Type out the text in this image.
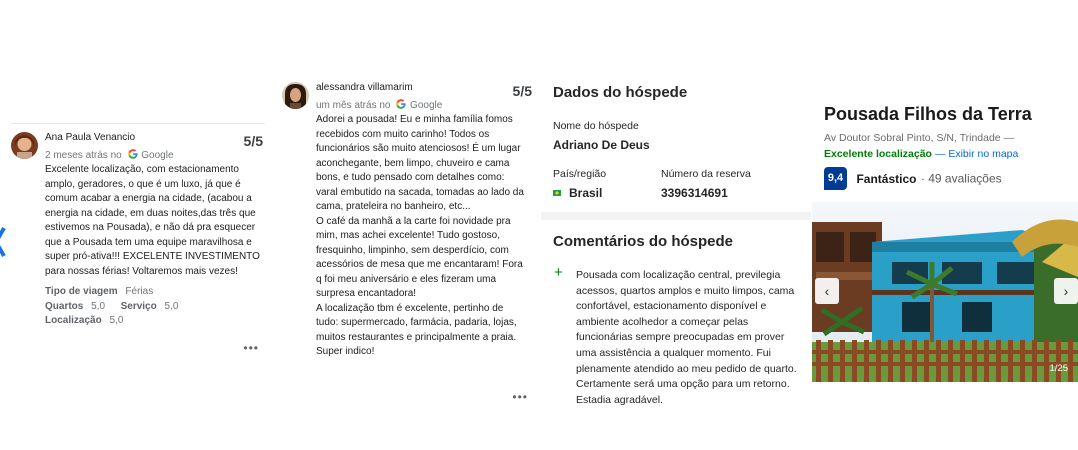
Ana Paula Venancio
2 meses atrás no Google
5/5
Excelente localização, com estacionamento amplo, geradores, o que é um luxo, já que é comum acabar a energia na cidade, (acabou a energia na cidade, em duas noites,das três que estivemos na Pousada), e não dá pra esquecer que a Pousada tem uma equipe maravilhosa e super pró-ativa!!! EXCELENTE INVESTIMENTO para nossas férias! Voltaremos mais vezes!
Tipo de viagem Férias
Quartos 5,0 Serviço 5,0
Localização 5,0
•••
alessandra villamarim
um mês atrás no Google
5/5
Adorei a pousada! Eu e minha família fomos recebidos com muito carinho! Todos os funcionários são muito atenciosos! É um lugar aconchegante, bem limpo, chuveiro e cama bons, e tudo pensado com detalhes como: varal embutido na sacada, tomadas ao lado da cama, prateleira no banheiro, etc...
O café da manhã a la carte foi novidade pra mim, mas achei excelente! Tudo gostoso, fresquinho, limpinho, sem desperdício, com acessórios de mesa que me encantaram! Fora q foi meu aniversário e eles fizeram uma surpresa encantadora!
A localização tbm é excelente, pertinho de tudo: supermercado, farmácia, padaria, lojas, muitos restaurantes e principalmente a praia.
Super indico!
•••
Dados do hóspede
Nome do hóspede
Adriano De Deus
País/região
Brasil
Número da reserva
3396314691
Comentários do hóspede
+ Pousada com localização central, previlegia acessos, quartos amplos e muito limpos, cama confortável, estacionamento disponível e ambiente acolhedor a começar pelas funcionárias sempre preocupadas em prover uma assistência a qualquer momento. Fui plenamente atendido ao meu pedido de quarto. Certamente será uma opção para um retorno. Estadia agradável.
Pousada Filhos da Terra
Av Doutor Sobral Pinto, S/N, Trindade —
Excelente localização — Exibir no mapa
9,4 Fantástico · 49 avaliações
‹	›
1/25
